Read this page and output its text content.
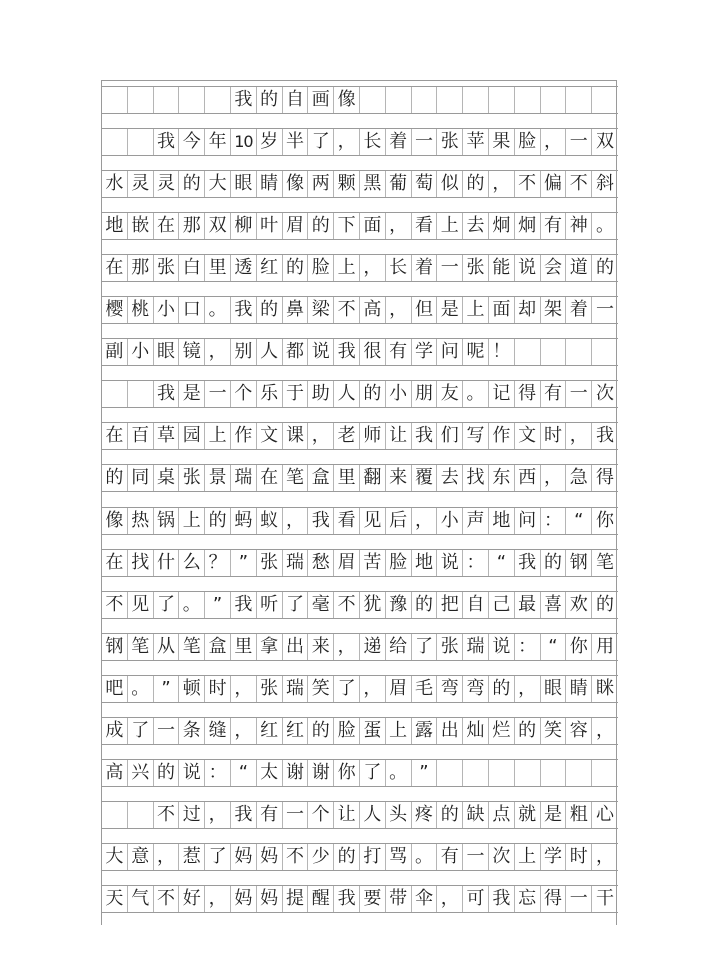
我 的 自 画 像
我 今 年 10 岁 半 了 ， 长 着 一 张 苹 果 脸 ， 一 双
水 灵 灵 的 大 眼 睛 像 两 颗 黑 葡 萄 似 的 ， 不 偏 不 斜
地 嵌 在 那 双 柳 叶 眉 的 下 面 ， 看 上 去 炯 炯 有 神 。
在 那 张 白 里 透 红 的 脸 上 ， 长 着 一 张 能 说 会 道 的
樱 桃 小 口 。 我 的 鼻 梁 不 高 ， 但 是 上 面 却 架 着 一
副 小 眼 镜 ， 别 人 都 说 我 很 有 学 问 呢 ！
我 是 一 个 乐 于 助 人 的 小 朋 友 。 记 得 有 一 次
在 百 草 园 上 作 文 课 ， 老 师 让 我 们 写 作 文 时 ， 我
的 同 桌 张 景 瑞 在 笔 盒 里 翻 来 覆 去 找 东 西 ， 急 得
像 热 锅 上 的 蚂 蚁 ， 我 看 见 后 ， 小 声 地 问 ： “ 你
在 找 什 么 ？ ” 张 瑞 愁 眉 苦 脸 地 说 ： “ 我 的 钢 笔
不 见 了 。 ” 我 听 了 毫 不 犹 豫 的 把 自 己 最 喜 欢 的
钢 笔 从 笔 盒 里 拿 出 来 ， 递 给 了 张 瑞 说 ： “ 你 用
吧 。 ” 顿 时 ， 张 瑞 笑 了 ， 眉 毛 弯 弯 的 ， 眼 睛 眯
成 了 一 条 缝 ， 红 红 的 脸 蛋 上 露 出 灿 烂 的 笑 容 ，
高 兴 的 说 ： “ 太 谢 谢 你 了 。 ”
不 过 ， 我 有 一 个 让 人 头 疼 的 缺 点 就 是 粗 心
大 意 ， 惹 了 妈 妈 不 少 的 打 骂 。 有 一 次 上 学 时 ，
天 气 不 好 ， 妈 妈 提 醒 我 要 带 伞 ， 可 我 忘 得 一 干
